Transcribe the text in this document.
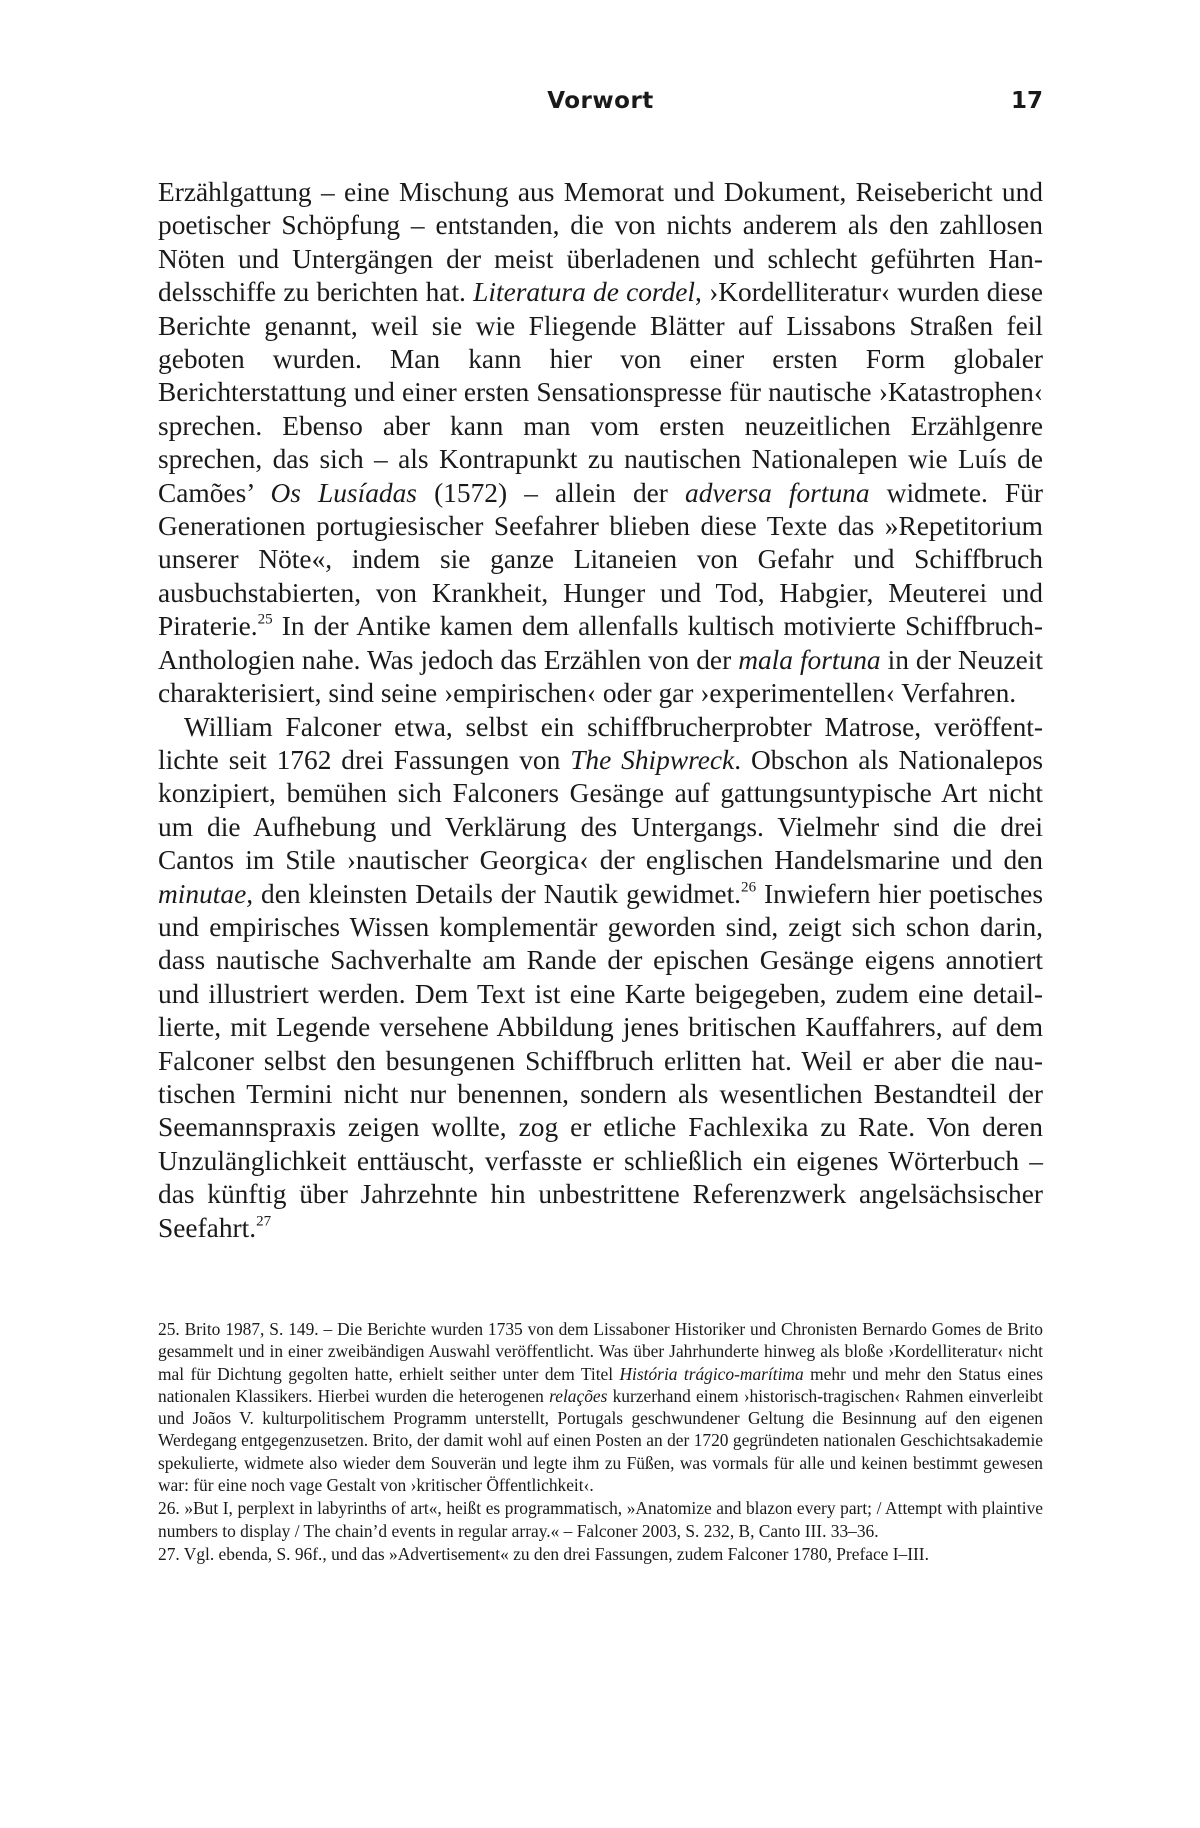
Vorwort	17

Erzählgattung – eine Mischung aus Memorat und Dokument, Reisebericht und poetischer Schöpfung – entstanden, die von nichts anderem als den zahllosen Nöten und Untergängen der meist überladenen und schlecht geführten Handelsschiffe zu berichten hat. Literatura de cordel, ›Kordelliteratur‹ wurden diese Berichte genannt, weil sie wie Fliegende Blätter auf Lissabons Straßen feil geboten wurden. Man kann hier von einer ersten Form globaler Berichterstattung und einer ersten Sensationspresse für nautische ›Katastrophen‹ sprechen. Ebenso aber kann man vom ersten neuzeitlichen Erzählgenre sprechen, das sich – als Kontrapunkt zu nautischen Nationalepen wie Luís de Camões’ Os Lusíadas (1572) – allein der adversa fortuna widmete. Für Generationen portugiesischer Seefahrer blieben diese Texte das »Repetitorium unserer Nöte«, indem sie ganze Litaneien von Gefahr und Schiffbruch ausbuchstabierten, von Krankheit, Hunger und Tod, Habgier, Meuterei und Piraterie.$^{25}$ In der Antike kamen dem allenfalls kultisch motivierte Schiffbruch-Anthologien nahe. Was jedoch das Erzählen von der mala fortuna in der Neuzeit charakterisiert, sind seine ›empirischen‹ oder gar ›experimentellen‹ Verfahren.

William Falconer etwa, selbst ein schiffbrucherprobter Matrose, veröffentlichte seit 1762 drei Fassungen von The Shipwreck. Obschon als Nationalepos konzipiert, bemühen sich Falconers Gesänge auf gattungsuntypische Art nicht um die Aufhebung und Verklärung des Untergangs. Vielmehr sind die drei Cantos im Stile ›nautischer Georgica‹ der englischen Handelsmarine und den minutae, den kleinsten Details der Nautik gewidmet.$^{26}$ Inwiefern hier poetisches und empirisches Wissen komplementär geworden sind, zeigt sich schon darin, dass nautische Sachverhalte am Rande der epischen Gesänge eigens annotiert und illustriert werden. Dem Text ist eine Karte beigegeben, zudem eine detaillierte, mit Legende versehene Abbildung jenes britischen Kauffahrers, auf dem Falconer selbst den besungenen Schiffbruch erlitten hat. Weil er aber die nautischen Termini nicht nur benennen, sondern als wesentlichen Bestandteil der Seemannspraxis zeigen wollte, zog er etliche Fachlexika zu Rate. Von deren Unzulänglichkeit enttäuscht, verfasste er schließlich ein eigenes Wörterbuch – das künftig über Jahrzehnte hin unbestrittene Referenzwerk angelsächsischer Seefahrt.$^{27}$

25. Brito 1987, S. 149. – Die Berichte wurden 1735 von dem Lissaboner Historiker und Chronisten Bernardo Gomes de Brito gesammelt und in einer zweibändigen Auswahl veröffentlicht. Was über Jahrhunderte hinweg als bloße ›Kordelliteratur‹ nicht mal für Dichtung gegolten hatte, erhielt seither unter dem Titel História trágico-marítima mehr und mehr den Status eines nationalen Klassikers. Hierbei wurden die heterogenen relações kurzerhand einem ›historisch-tragischen‹ Rahmen einverleibt und Joãos V. kulturpolitischem Programm unterstellt, Portugals geschwundener Geltung die Besinnung auf den eigenen Werdegang entgegenzusetzen. Brito, der damit wohl auf einen Posten an der 1720 gegründeten nationalen Geschichtsakademie spekulierte, widmete also wieder dem Souverän und legte ihm zu Füßen, was vormals für alle und keinen bestimmt gewesen war: für eine noch vage Gestalt von ›kritischer Öffentlichkeit‹.

26. »But I, perplext in labyrinths of art«, heißt es programmatisch, »Anatomize and blazon every part; / Attempt with plaintive numbers to display / The chain’d events in regular array.« – Falconer 2003, S. 232, B, Canto III. 33–36.

27. Vgl. ebenda, S. 96f., und das »Advertisement« zu den drei Fassungen, zudem Falconer 1780, Preface I–III.
